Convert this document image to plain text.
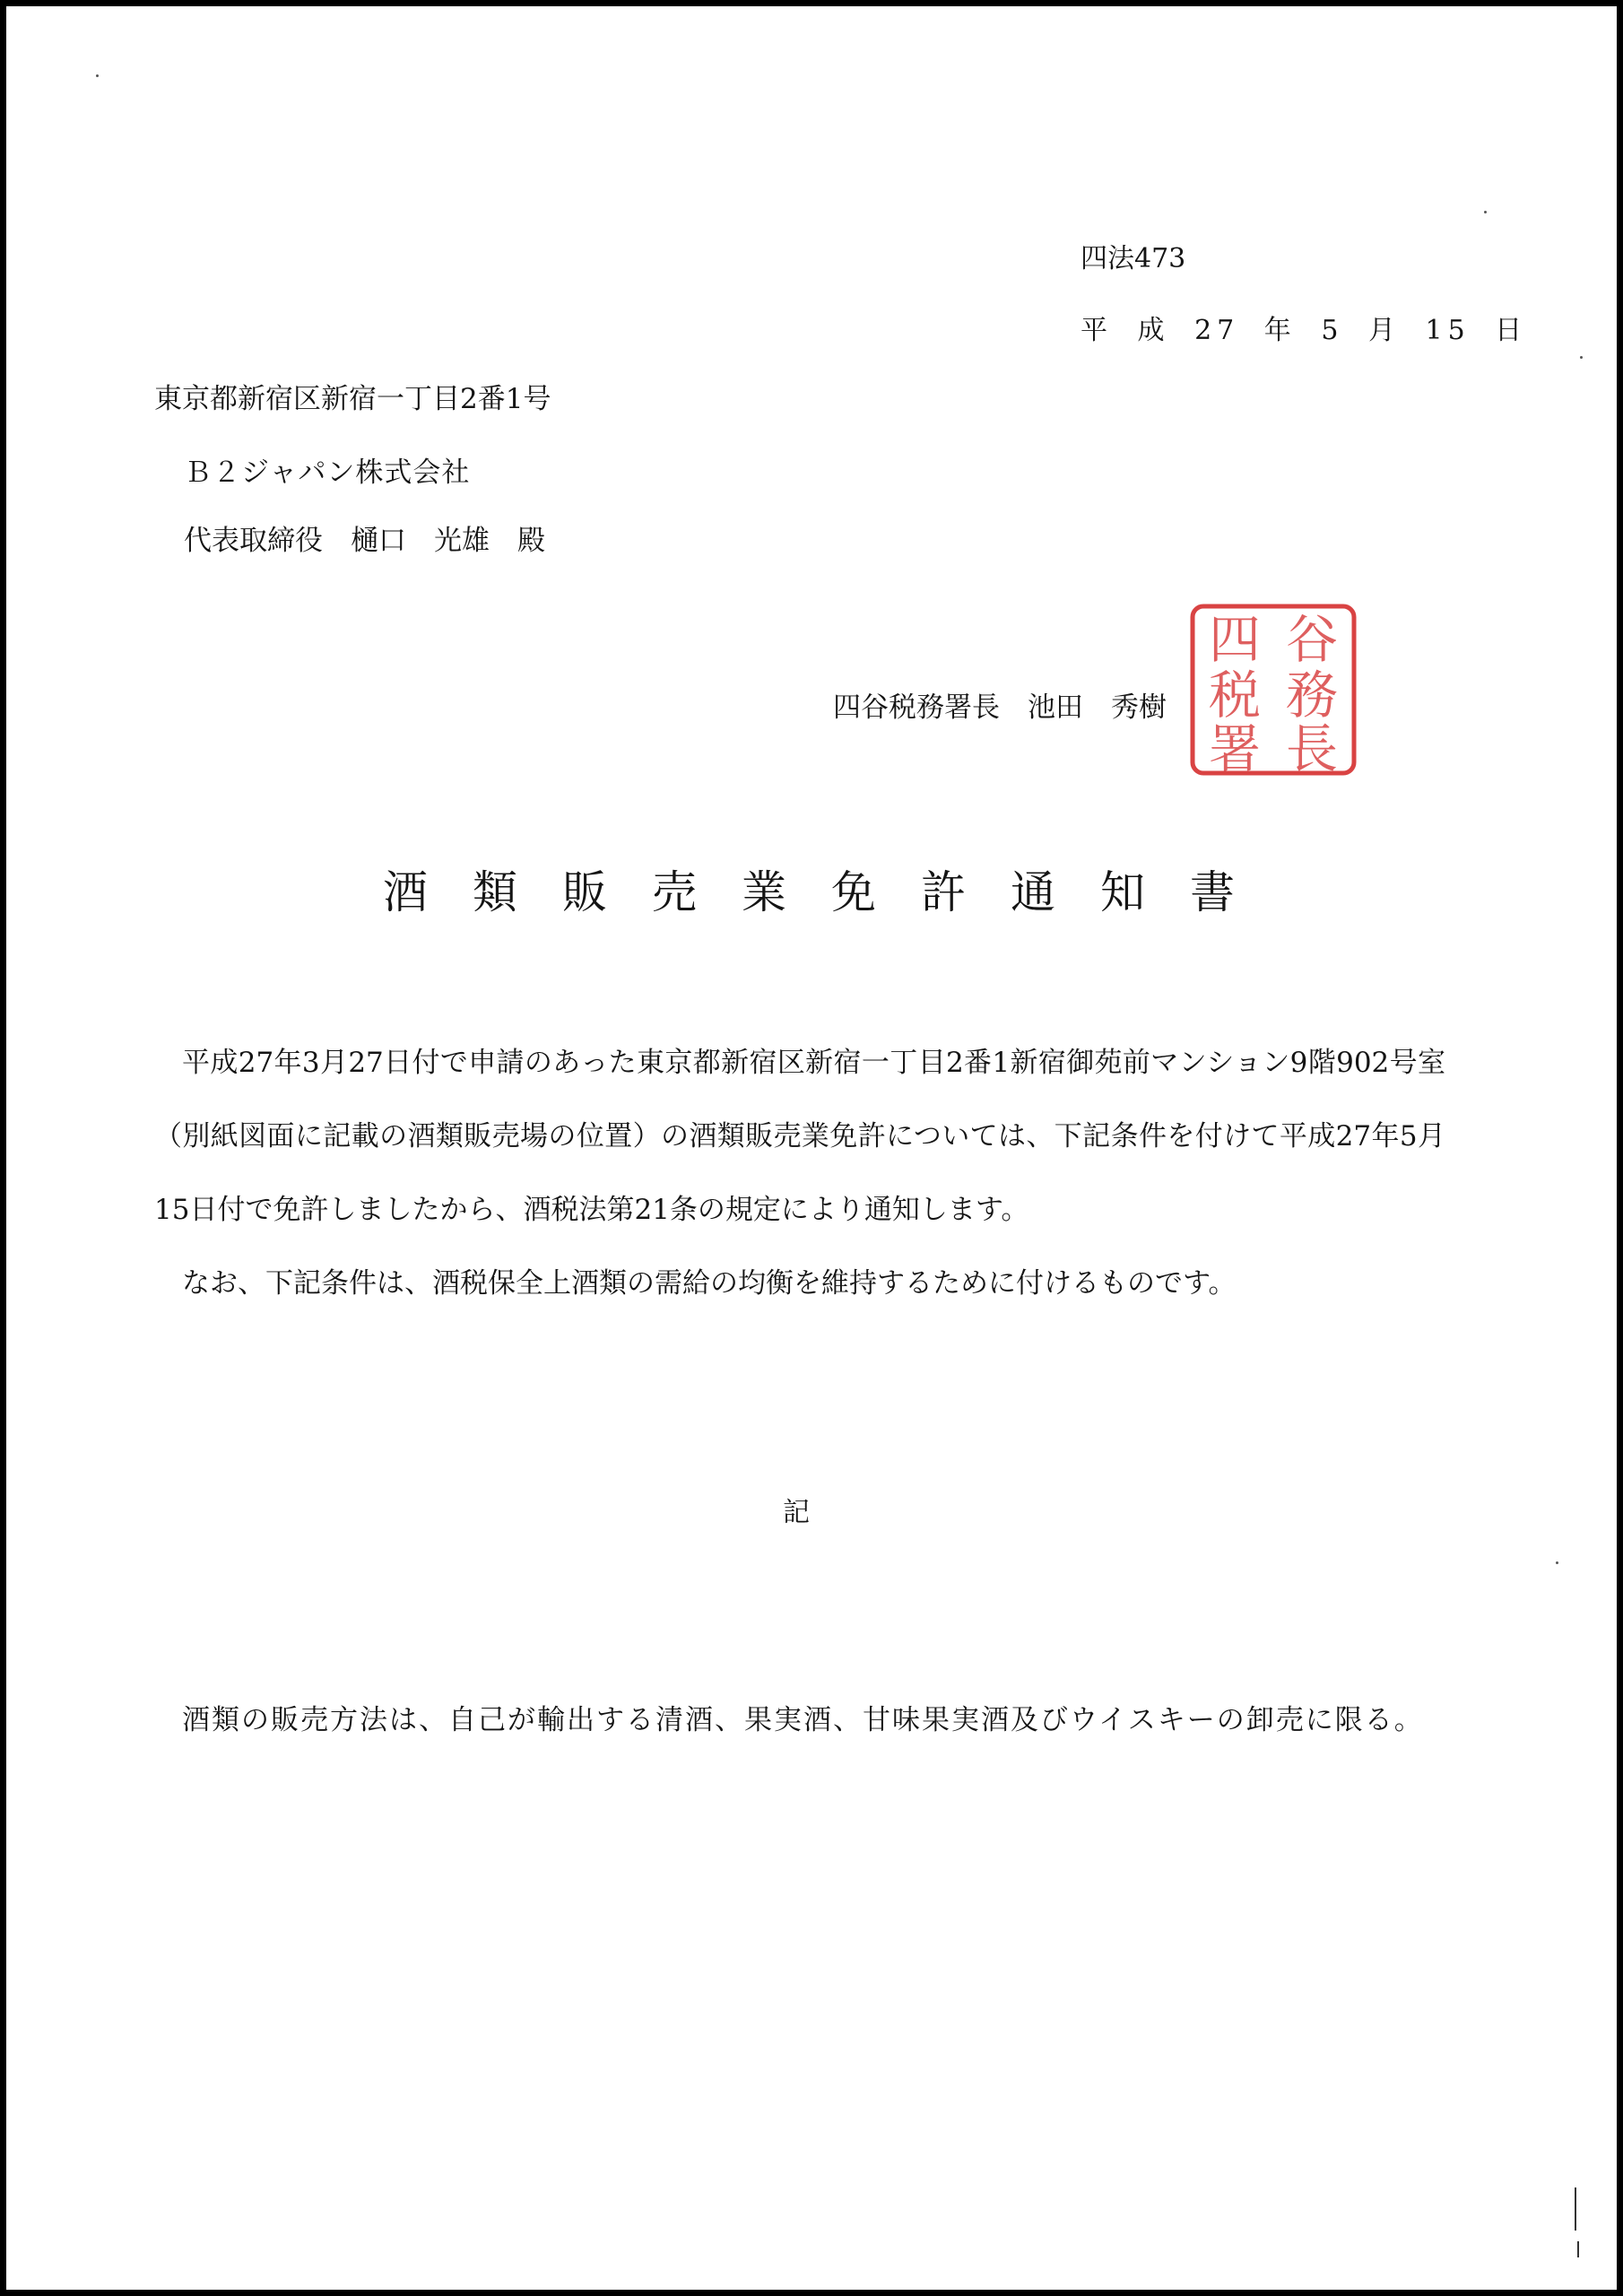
四法473
平 成 27 年 5 月 15 日
東京都新宿区新宿一丁目2番1号
Ｂ２ジャパン株式会社
代表取締役　樋口　光雄　殿
四谷税務署長　池田　秀樹
四 谷
税 務
署 長
酒類販売業免許通知書

平成27年3月27日付で申請のあった東京都新宿区新宿一丁目2番1新宿御苑前マンション9階902号室（別紙図面に記載の酒類販売場の位置）の酒類販売業免許については、下記条件を付けて平成27年5月15日付で免許しましたから、酒税法第21条の規定により通知します。

なお、下記条件は、酒税保全上酒類の需給の均衡を維持するために付けるものです。

記

酒類の販売方法は、自己が輸出する清酒、果実酒、甘味果実酒及びウイスキーの卸売に限る。
